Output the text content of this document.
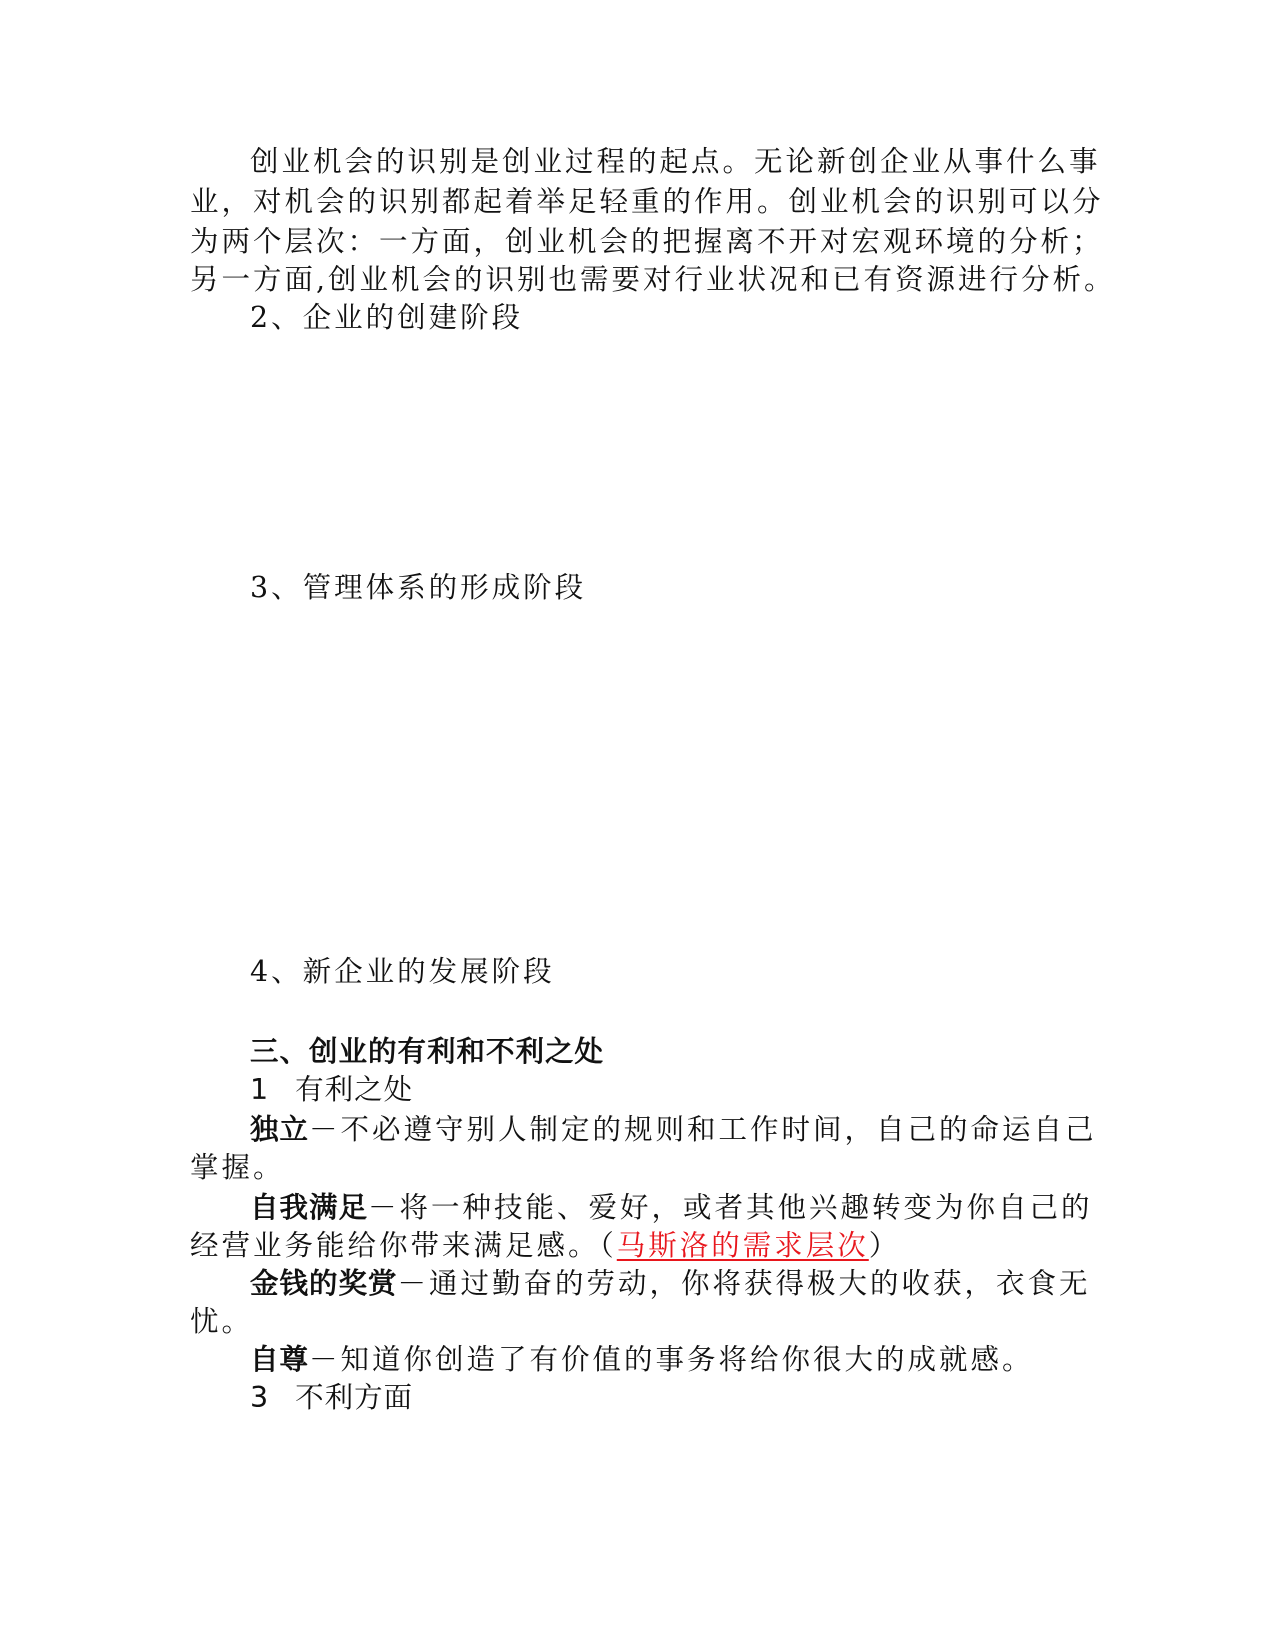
创业机会的识别是创业过程的起点。无论新创企业从事什么事
业，对机会的识别都起着举足轻重的作用。创业机会的识别可以分
为两个层次：一方面，创业机会的把握离不开对宏观环境的分析；
另一方面,创业机会的识别也需要对行业状况和已有资源进行分析。
2、企业的创建阶段
3、管理体系的形成阶段
4、新企业的发展阶段
三、创业的有利和不利之处
1 有利之处
独立－不必遵守别人制定的规则和工作时间，自己的命运自己
掌握。
自我满足－将一种技能、爱好，或者其他兴趣转变为你自己的
经营业务能给你带来满足感。（马斯洛的需求层次）
金钱的奖赏－通过勤奋的劳动，你将获得极大的收获，衣食无
忧。
自尊－知道你创造了有价值的事务将给你很大的成就感。
3 不利方面
